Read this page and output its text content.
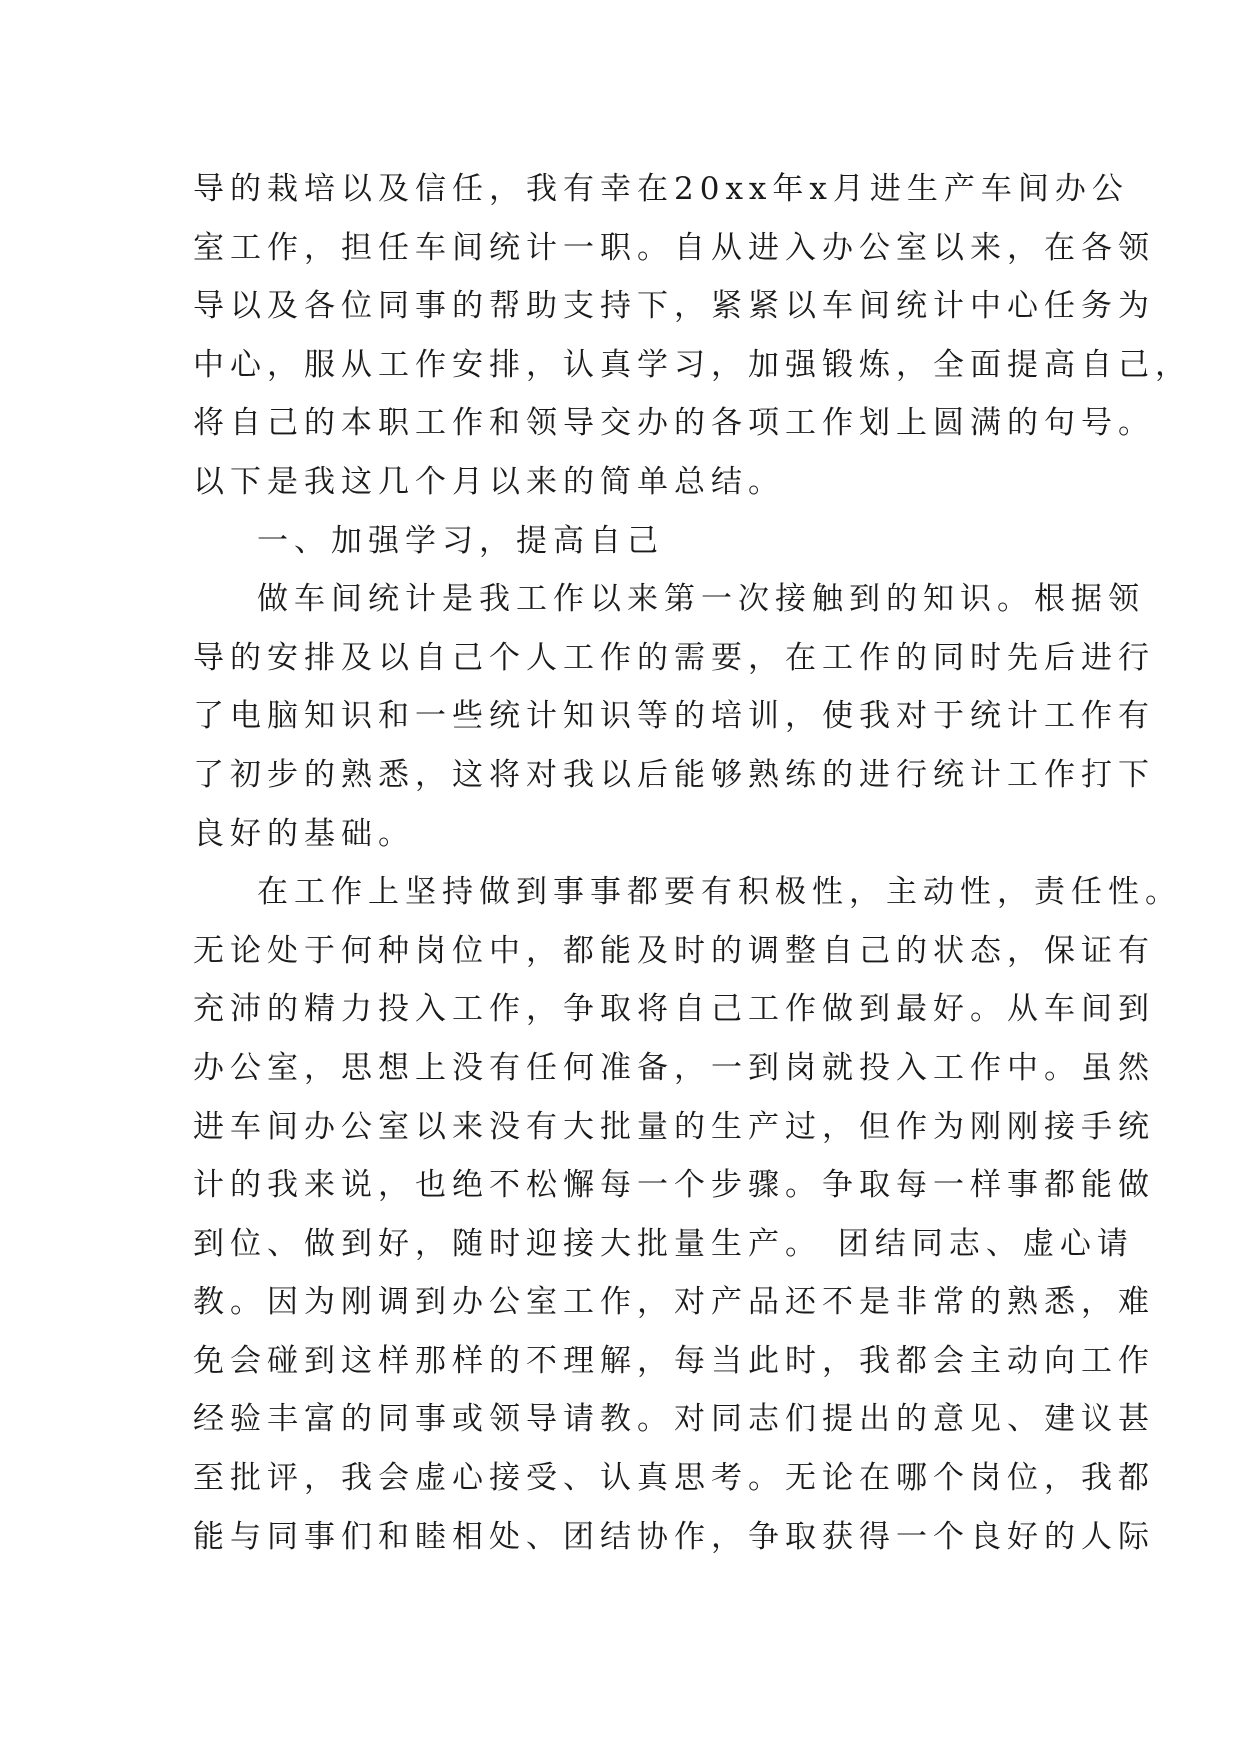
导的栽培以及信任，我有幸在20xx年x月进生产车间办公
室工作，担任车间统计一职。自从进入办公室以来，在各领
导以及各位同事的帮助支持下，紧紧以车间统计中心任务为
中心，服从工作安排，认真学习，加强锻炼，全面提高自己，
将自己的本职工作和领导交办的各项工作划上圆满的句号。
以下是我这几个月以来的简单总结。
一、加强学习，提高自己
做车间统计是我工作以来第一次接触到的知识。根据领
导的安排及以自己个人工作的需要，在工作的同时先后进行
了电脑知识和一些统计知识等的培训，使我对于统计工作有
了初步的熟悉，这将对我以后能够熟练的进行统计工作打下
良好的基础。
在工作上坚持做到事事都要有积极性，主动性，责任性。
无论处于何种岗位中，都能及时的调整自己的状态，保证有
充沛的精力投入工作，争取将自己工作做到最好。从车间到
办公室，思想上没有任何准备，一到岗就投入工作中。虽然
进车间办公室以来没有大批量的生产过，但作为刚刚接手统
计的我来说，也绝不松懈每一个步骤。争取每一样事都能做
到位、做到好，随时迎接大批量生产。 团结同志、虚心请
教。因为刚调到办公室工作，对产品还不是非常的熟悉，难
免会碰到这样那样的不理解，每当此时，我都会主动向工作
经验丰富的同事或领导请教。对同志们提出的意见、建议甚
至批评，我会虚心接受、认真思考。无论在哪个岗位，我都
能与同事们和睦相处、团结协作，争取获得一个良好的人际
